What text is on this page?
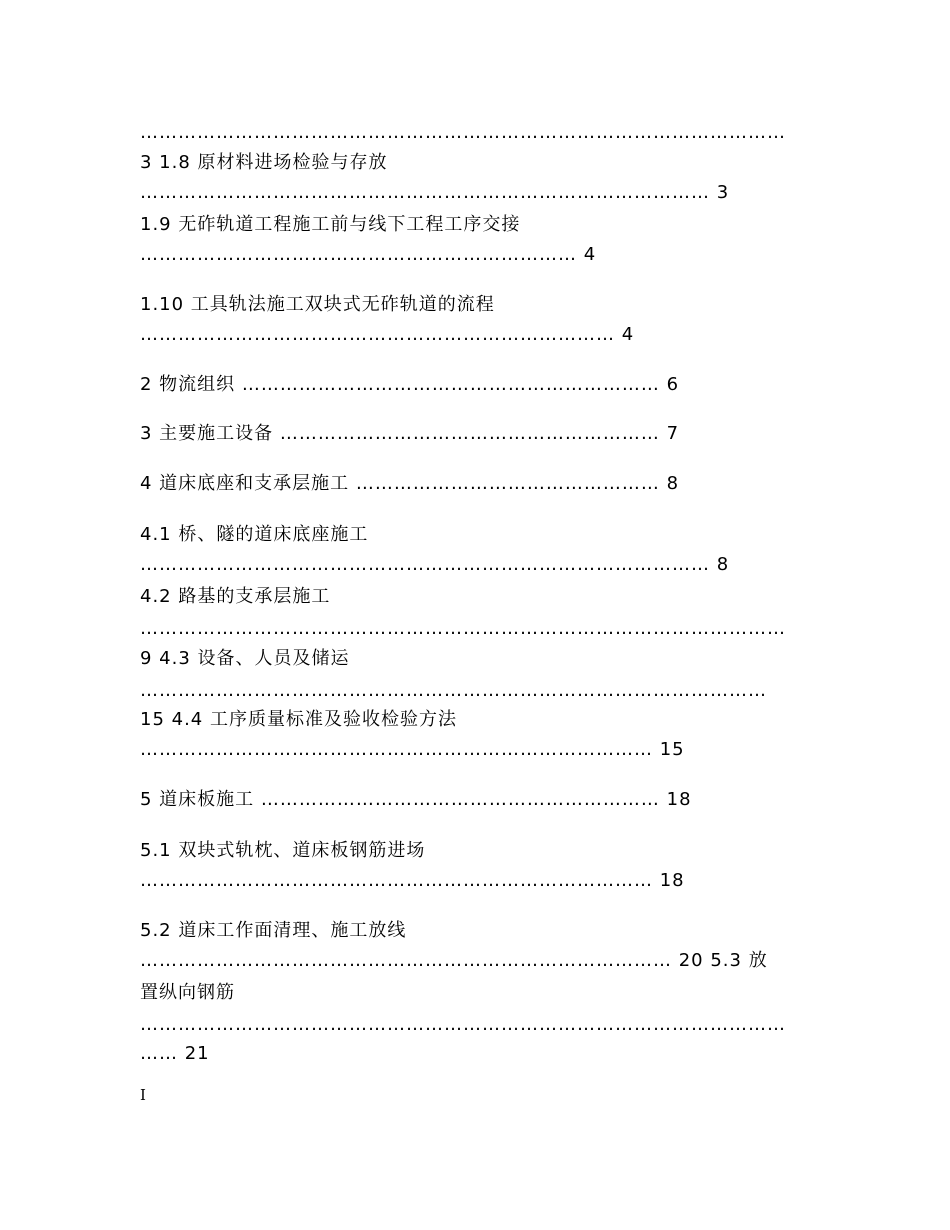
…………………………………………………………………………………………
3 1.8 原材料进场检验与存放
……………………………………………………………………………… 3
1.9 无砟轨道工程施工前与线下工程工序交接
…………………………………………………………… 4
1.10 工具轨法施工双块式无砟轨道的流程
………………………………………………………………… 4
2 物流组织 ………………………………………………………… 6
3 主要施工设备 …………………………………………………… 7
4 道床底座和支承层施工 ………………………………………… 8
4.1 桥、隧的道床底座施工
……………………………………………………………………………… 8
4.2 路基的支承层施工
…………………………………………………………………………………………
9 4.3 设备、人员及储运
………………………………………………………………………………………
15 4.4 工序质量标准及验收检验方法
……………………………………………………………………… 15
5 道床板施工 ……………………………………………………… 18
5.1 双块式轨枕、道床板钢筋进场
……………………………………………………………………… 18
5.2 道床工作面清理、施工放线
………………………………………………………………………… 20 5.3 放
置纵向钢筋
…………………………………………………………………………………………
…… 21
I
